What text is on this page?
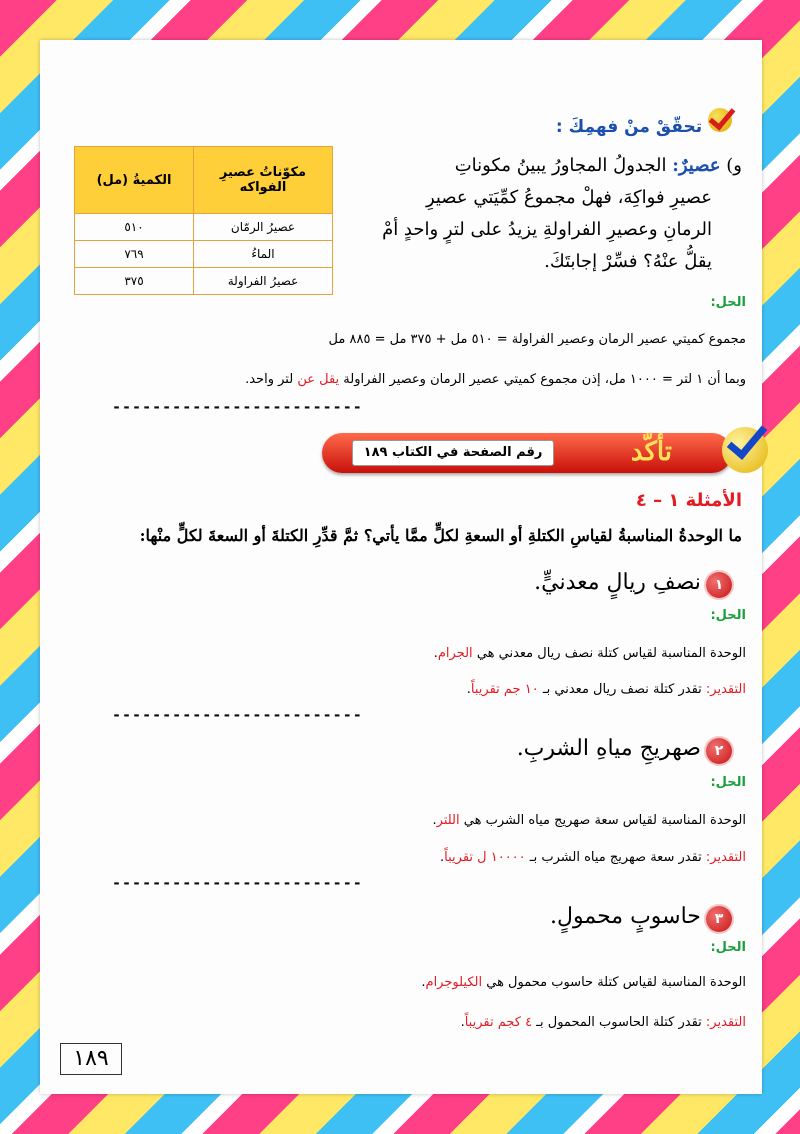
تحقّقْ منْ فهمِكَ :
و) عصيرٌ: الجدولُ المجاورُ يبينُ مكوناتِ
عصيرِ فواكِهَ، فهلْ مجموعُ كمِّيَتي عصيرِ
الرمانِ وعصيرِ الفراولةِ يزيدُ على لترٍ واحدٍ أمْ
يقلُّ عنْهُ؟ فسِّرْ إجابتَكَ.
مكوّناتُ عصيرِ الفواكه	الكميةُ (مل)
عصيرُ الرمّان	٥١٠
الماءُ	٧٦٩
عصيرُ الفراولة	٣٧٥
الحل:
مجموع كميتي عصير الرمان وعصير الفراولة = ٥١٠ مل + ٣٧٥ مل = ٨٨٥ مل
وبما أن ١ لتر = ١٠٠٠ مل، إذن مجموع كميتي عصير الرمان وعصير الفراولة يقل عن لتر واحد.
-------------------------
رقم الصفحة في الكتاب ١٨٩	تأكّد
الأمثلة ١ – ٤
ما الوحدةُ المناسبةُ لقياسِ الكتلةِ أو السعةِ لكلٍّ ممَّا يأتي؟ ثمَّ قدِّرِ الكتلةَ أو السعةَ لكلٍّ منْها:
١ نصفِ ريالٍ معدنيٍّ.
الحل:
الوحدة المناسبة لقياس كتلة نصف ريال معدني هي الجرام.
التقدير: تقدر كتلة نصف ريال معدني بـ ١٠ جم تقريباً.
-------------------------
٢ صهريجِ مياهِ الشربِ.
الحل:
الوحدة المناسبة لقياس سعة صهريج مياه الشرب هي اللتر.
التقدير: تقدر سعة صهريج مياه الشرب بـ ١٠٠٠٠ ل تقريباً.
-------------------------
٣ حاسوبٍ محمولٍ.
الحل:
الوحدة المناسبة لقياس كتلة حاسوب محمول هي الكيلوجرام.
التقدير: تقدر كتلة الحاسوب المحمول بـ ٤ كجم تقريباً.
١٨٩
